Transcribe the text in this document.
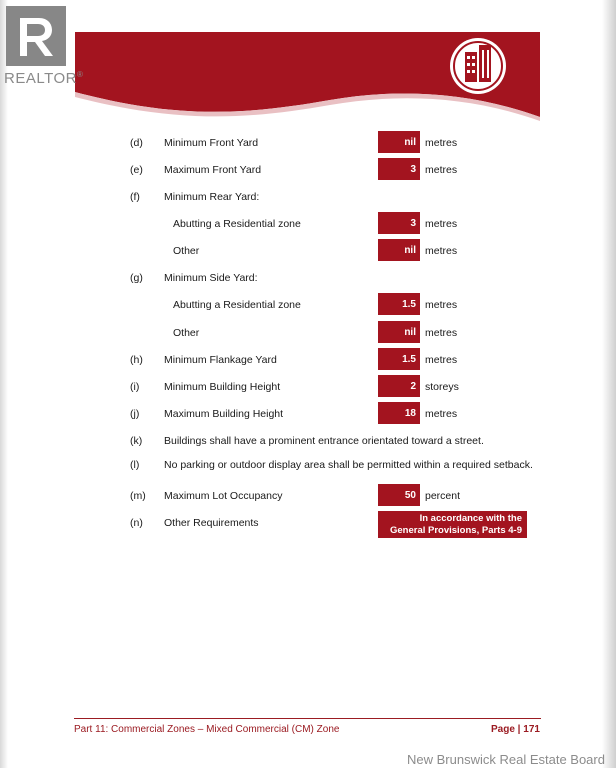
REALTOR®
(d) Minimum Front Yard	nil metres
(e) Maximum Front Yard	3 metres
(f) Minimum Rear Yard:
Abutting a Residential zone	3 metres
Other	nil metres
(g) Minimum Side Yard:
Abutting a Residential zone	1.5 metres
Other	nil metres
(h) Minimum Flankage Yard	1.5 metres
(i) Minimum Building Height	2 storeys
(j) Maximum Building Height	18 metres
(k) Buildings shall have a prominent entrance orientated toward a street.
(l) No parking or outdoor display area shall be permitted within a required setback.
(m) Maximum Lot Occupancy	50 percent
(n) Other Requirements	In accordance with the
General Provisions, Parts 4-9
Part 11: Commercial Zones – Mixed Commercial (CM) Zone	Page | 171
New Brunswick Real Estate Board
